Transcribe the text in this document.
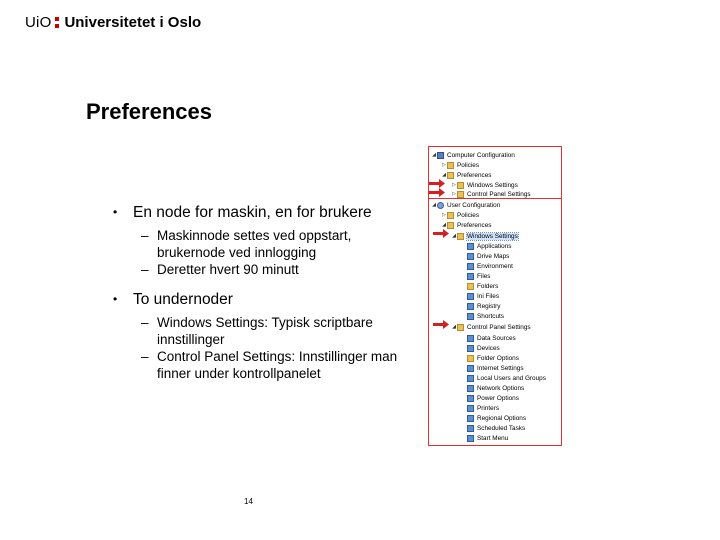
UiO Universitetet i Oslo
Preferences
•	En node for maskin, en for brukere
– Maskinnode settes ved oppstart, brukernode ved innlogging
– Deretter hvert 90 minutt
•	To undernoder
– Windows Settings: Typisk scriptbare innstillinger
– Control Panel Settings: Innstillinger man finner under kontrollpanelet
14
◢ Computer Configuration
▷ Policies
◢ Preferences
▷ Windows Settings
▷ Control Panel Settings
◢ User Configuration
▷ Policies
◢ Preferences
◢ Windows Settings
Applications
Drive Maps
Environment
Files
Folders
Ini Files
Registry
Shortcuts
◢ Control Panel Settings
Data Sources
Devices
Folder Options
Internet Settings
Local Users and Groups
Network Options
Power Options
Printers
Regional Options
Scheduled Tasks
Start Menu
